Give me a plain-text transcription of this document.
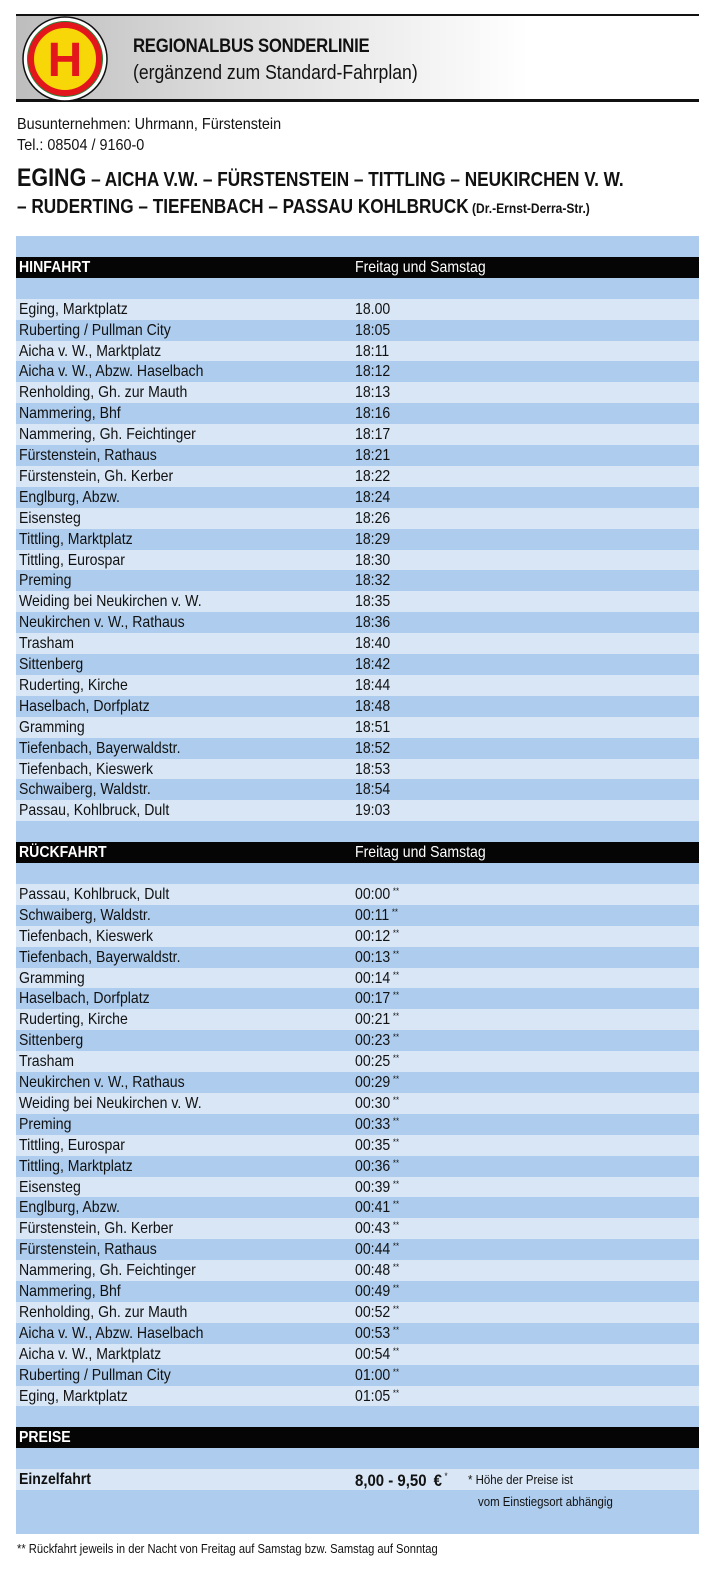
H	REGIONALBUS SONDERLINIE
(ergänzend zum Standard-Fahrplan)
Busunternehmen: Uhrmann, Fürstenstein
Tel.: 08504 / 9160-0
EGING – AICHA V.W. – FÜRSTENSTEIN – TITTLING – NEUKIRCHEN V. W.
– RUDERTING – TIEFENBACH – PASSAU KOHLBRUCK (Dr.-Ernst-Derra-Str.)
HINFAHRT	Freitag und Samstag
Eging, Marktplatz	18.00
Ruberting / Pullman City	18:05
Aicha v. W., Marktplatz	18:11
Aicha v. W., Abzw. Haselbach	18:12
Renholding, Gh. zur Mauth	18:13
Nammering, Bhf	18:16
Nammering, Gh. Feichtinger	18:17
Fürstenstein, Rathaus	18:21
Fürstenstein, Gh. Kerber	18:22
Englburg, Abzw.	18:24
Eisensteg	18:26
Tittling, Marktplatz	18:29
Tittling, Eurospar	18:30
Preming	18:32
Weiding bei Neukirchen v. W.	18:35
Neukirchen v. W., Rathaus	18:36
Trasham	18:40
Sittenberg	18:42
Ruderting, Kirche	18:44
Haselbach, Dorfplatz	18:48
Gramming	18:51
Tiefenbach, Bayerwaldstr.	18:52
Tiefenbach, Kieswerk	18:53
Schwaiberg, Waldstr.	18:54
Passau, Kohlbruck, Dult	19:03
RÜCKFAHRT	Freitag und Samstag
Passau, Kohlbruck, Dult	00:00 **
Schwaiberg, Waldstr.	00:11 **
Tiefenbach, Kieswerk	00:12 **
Tiefenbach, Bayerwaldstr.	00:13 **
Gramming	00:14 **
Haselbach, Dorfplatz	00:17 **
Ruderting, Kirche	00:21 **
Sittenberg	00:23 **
Trasham	00:25 **
Neukirchen v. W., Rathaus	00:29 **
Weiding bei Neukirchen v. W.	00:30 **
Preming	00:33 **
Tittling, Eurospar	00:35 **
Tittling, Marktplatz	00:36 **
Eisensteg	00:39 **
Englburg, Abzw.	00:41 **
Fürstenstein, Gh. Kerber	00:43 **
Fürstenstein, Rathaus	00:44 **
Nammering, Gh. Feichtinger	00:48 **
Nammering, Bhf	00:49 **
Renholding, Gh. zur Mauth	00:52 **
Aicha v. W., Abzw. Haselbach	00:53 **
Aicha v. W., Marktplatz	00:54 **
Ruberting / Pullman City	01:00 **
Eging, Marktplatz	01:05 **
PREISE
Einzelfahrt	8,00 - 9,50 € * * Höhe der Preise ist
vom Einstiegsort abhängig
** Rückfahrt jeweils in der Nacht von Freitag auf Samstag bzw. Samstag auf Sonntag
